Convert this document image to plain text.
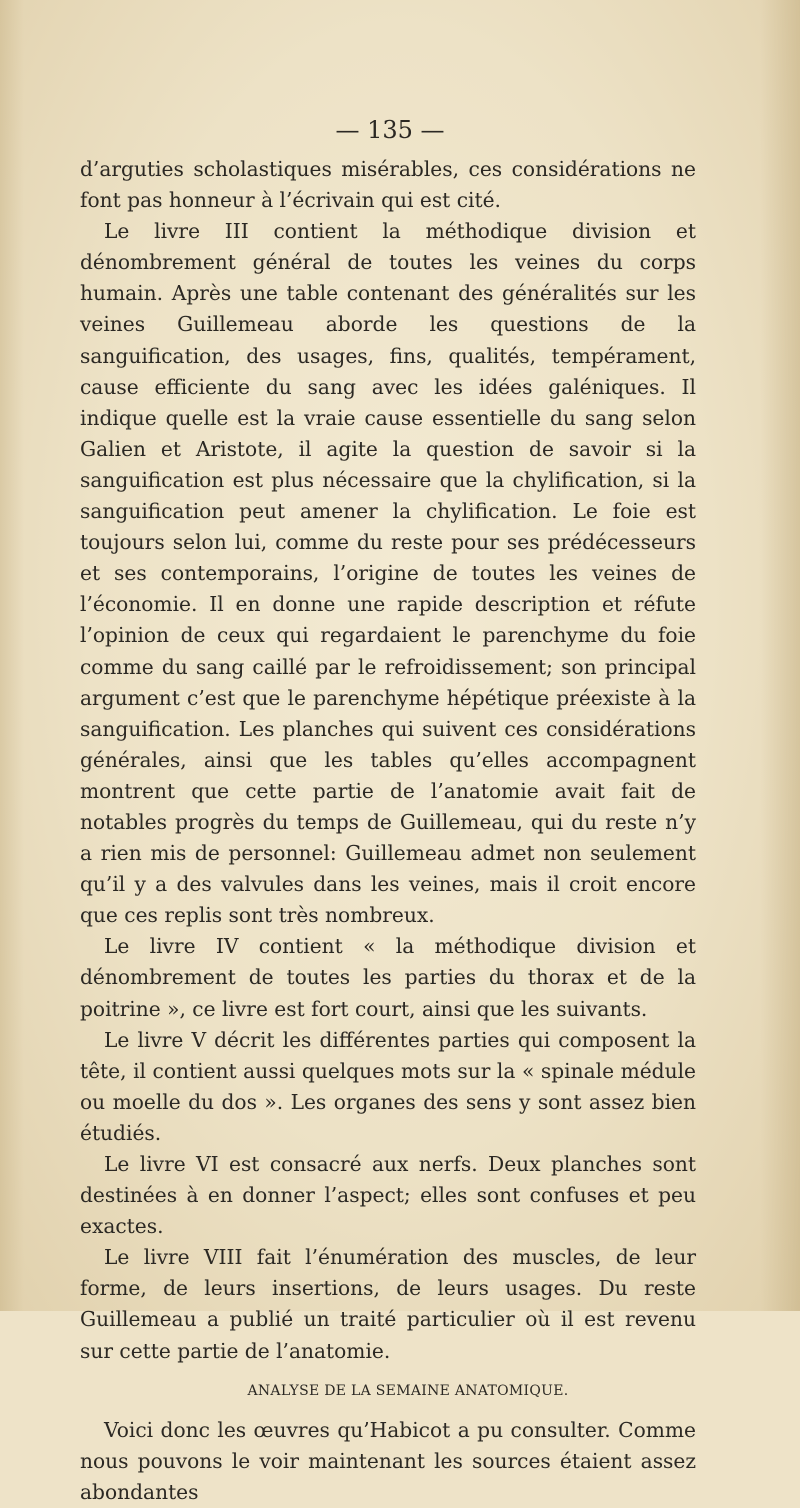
— 135 —

d’arguties scholastiques misérables, ces considérations ne font pas honneur à l’écrivain qui est cité.

Le livre III contient la méthodique division et dénombrement général de toutes les veines du corps humain. Après une table contenant des généralités sur les veines Guillemeau aborde les questions de la sanguification, des usages, fins, qualités, tempérament, cause efficiente du sang avec les idées galéniques. Il indique quelle est la vraie cause essentielle du sang selon Galien et Aristote, il agite la question de savoir si la sanguification est plus nécessaire que la chylification, si la sanguification peut amener la chylification. Le foie est toujours selon lui, comme du reste pour ses prédécesseurs et ses contemporains, l’origine de toutes les veines de l’économie. Il en donne une rapide description et réfute l’opinion de ceux qui regardaient le parenchyme du foie comme du sang caillé par le refroidissement; son principal argument c’est que le parenchyme hépétique préexiste à la sanguification. Les planches qui suivent ces considérations générales, ainsi que les tables qu’elles accompagnent montrent que cette partie de l’anatomie avait fait de notables progrès du temps de Guillemeau, qui du reste n’y a rien mis de personnel: Guillemeau admet non seulement qu’il y a des valvules dans les veines, mais il croit encore que ces replis sont très nombreux.

Le livre IV contient « la méthodique division et dénombrement de toutes les parties du thorax et de la poitrine », ce livre est fort court, ainsi que les suivants.

Le livre V décrit les différentes parties qui composent la tête, il contient aussi quelques mots sur la « spinale médule ou moelle du dos ». Les organes des sens y sont assez bien étudiés.

Le livre VI est consacré aux nerfs. Deux planches sont destinées à en donner l’aspect; elles sont confuses et peu exactes.

Le livre VIII fait l’énumération des muscles, de leur forme, de leurs insertions, de leurs usages. Du reste Guillemeau a publié un traité particulier où il est revenu sur cette partie de l’anatomie.

ANALYSE DE LA SEMAINE ANATOMIQUE.

Voici donc les œuvres qu’Habicot a pu consulter. Comme nous pouvons le voir maintenant les sources étaient assez abondantes
